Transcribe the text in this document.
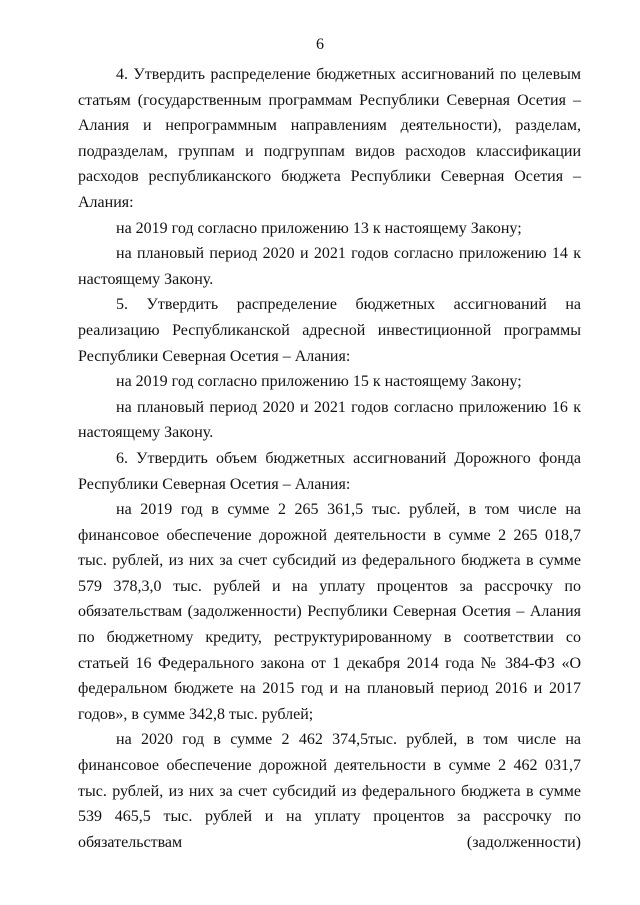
6

4. Утвердить распределение бюджетных ассигнований по целевым статьям (государственным программам Республики Северная Осетия – Алания и непрограммным направлениям деятельности), разделам, подразделам, группам и подгруппам видов расходов классификации расходов республиканского бюджета Республики Северная Осетия – Алания:

на 2019 год согласно приложению 13 к настоящему Закону;

на плановый период 2020 и 2021 годов согласно приложению 14 к настоящему Закону.

5. Утвердить распределение бюджетных ассигнований на реализацию Республиканской адресной инвестиционной программы Республики Северная Осетия – Алания:

на 2019 год согласно приложению 15 к настоящему Закону;

на плановый период 2020 и 2021 годов согласно приложению 16 к настоящему Закону.

6. Утвердить объем бюджетных ассигнований Дорожного фонда Республики Северная Осетия – Алания:

на 2019 год в сумме 2 265 361,5 тыс. рублей, в том числе на финансовое обеспечение дорожной деятельности в сумме 2 265 018,7 тыс. рублей, из них за счет субсидий из федерального бюджета в сумме 579 378,3,0 тыс. рублей и на уплату процентов за рассрочку по обязательствам (задолженности) Республики Северная Осетия – Алания по бюджетному кредиту, реструктурированному в соответствии со статьей 16 Федерального закона от 1 декабря 2014 года № 384-ФЗ «О федеральном бюджете на 2015 год и на плановый период 2016 и 2017 годов», в сумме 342,8 тыс. рублей;

на 2020 год в сумме 2 462 374,5тыс. рублей, в том числе на финансовое обеспечение дорожной деятельности в сумме 2 462 031,7 тыс. рублей, из них за счет субсидий из федерального бюджета в сумме 539 465,5 тыс. рублей и на уплату процентов за рассрочку по обязательствам (задолженности)
